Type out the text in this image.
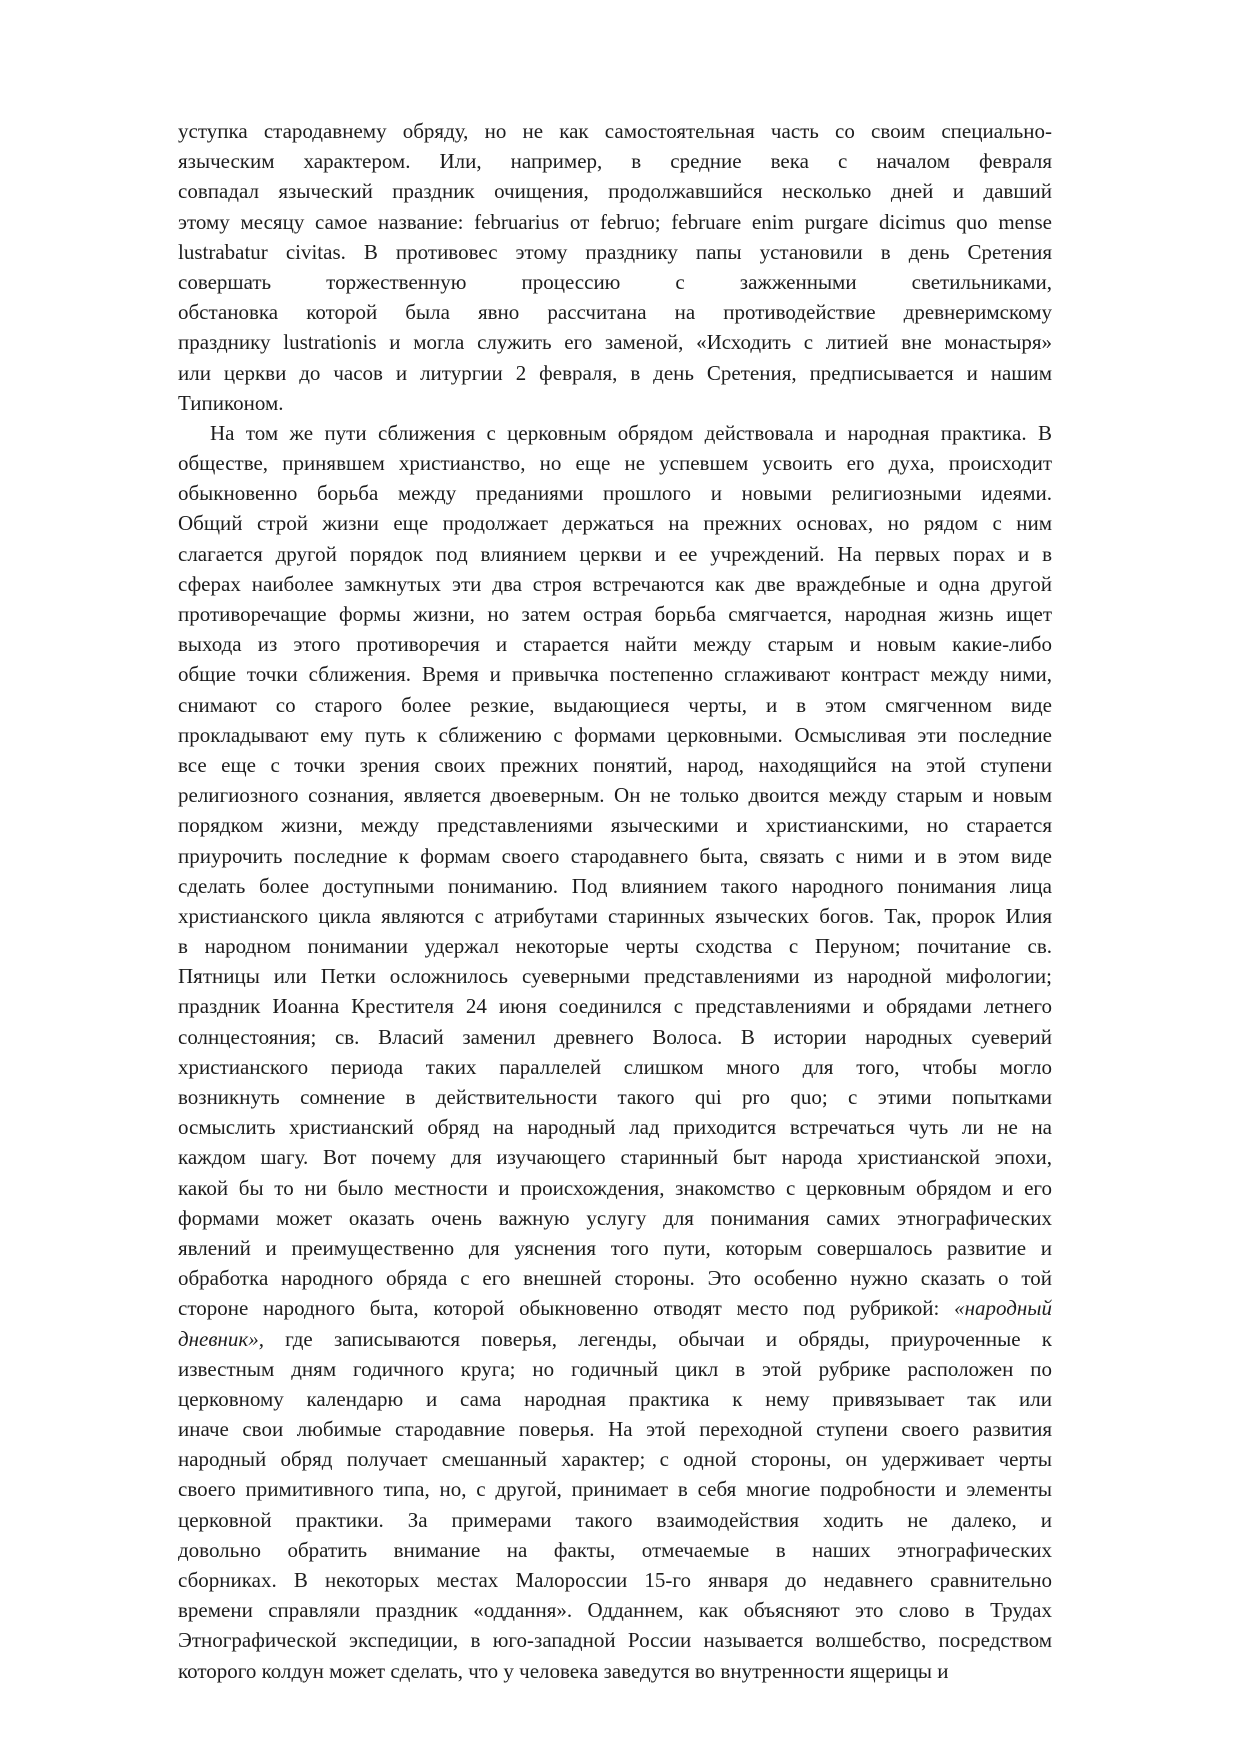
уступка стародавнему обряду, но не как самостоятельная часть со своим специально-
языческим характером. Или, например, в средние века с началом февраля
совпадал языческий праздник очищения, продолжавшийся несколько дней и давший
этому месяцу самое название: februarius от februo; februare enim purgare dicimus quo mense
lustrabatur civitas. В противовес этому празднику папы установили в день Сретения
совершать торжественную процессию с зажженными светильниками,
обстановка которой была явно рассчитана на противодействие древнеримскому
празднику lustrationis и могла служить его заменой, «Исходить с литией вне монастыря»
или церкви до часов и литургии 2 февраля, в день Сретения, предписывается и нашим
Типиконом.
На том же пути сближения с церковным обрядом действовала и народная практика. В
обществе, принявшем христианство, но еще не успевшем усвоить его духа, происходит
обыкновенно борьба между преданиями прошлого и новыми религиозными идеями.
Общий строй жизни еще продолжает держаться на прежних основах, но рядом с ним
слагается другой порядок под влиянием церкви и ее учреждений. На первых порах и в
сферах наиболее замкнутых эти два строя встречаются как две враждебные и одна другой
противоречащие формы жизни, но затем острая борьба смягчается, народная жизнь ищет
выхода из этого противоречия и старается найти между старым и новым какие-либо
общие точки сближения. Время и привычка постепенно сглаживают контраст между ними,
снимают со старого более резкие, выдающиеся черты, и в этом смягченном виде
прокладывают ему путь к сближению с формами церковными. Осмысливая эти последние
все еще с точки зрения своих прежних понятий, народ, находящийся на этой ступени
религиозного сознания, является двоеверным. Он не только двоится между старым и новым
порядком жизни, между представлениями языческими и христианскими, но старается
приурочить последние к формам своего стародавнего быта, связать с ними и в этом виде
сделать более доступными пониманию. Под влиянием такого народного понимания лица
христианского цикла являются с атрибутами старинных языческих богов. Так, пророк Илия
в народном понимании удержал некоторые черты сходства с Перуном; почитание св.
Пятницы или Петки осложнилось суеверными представлениями из народной мифологии;
праздник Иоанна Крестителя 24 июня соединился с представлениями и обрядами летнего
солнцестояния; св. Власий заменил древнего Волоса. В истории народных суеверий
христианского периода таких параллелей слишком много для того, чтобы могло
возникнуть сомнение в действительности такого qui pro quo; с этими попытками
осмыслить христианский обряд на народный лад приходится встречаться чуть ли не на
каждом шагу. Вот почему для изучающего старинный быт народа христианской эпохи,
какой бы то ни было местности и происхождения, знакомство с церковным обрядом и его
формами может оказать очень важную услугу для понимания самих этнографических
явлений и преимущественно для уяснения того пути, которым совершалось развитие и
обработка народного обряда с его внешней стороны. Это особенно нужно сказать о той
стороне народного быта, которой обыкновенно отводят место под рубрикой: «народный
дневник», где записываются поверья, легенды, обычаи и обряды, приуроченные к
известным дням годичного круга; но годичный цикл в этой рубрике расположен по
церковному календарю и сама народная практика к нему привязывает так или
иначе свои любимые стародавние поверья. На этой переходной ступени своего развития
народный обряд получает смешанный характер; с одной стороны, он удерживает черты
своего примитивного типа, но, с другой, принимает в себя многие подробности и элементы
церковной практики. За примерами такого взаимодействия ходить не далеко, и
довольно обратить внимание на факты, отмечаемые в наших этнографических
сборниках. В некоторых местах Малороссии 15-го января до недавнего сравнительно
времени справляли праздник «оддання». Одданнем, как объясняют это слово в Трудах
Этнографической экспедиции, в юго-западной России называется волшебство, посредством
которого колдун может сделать, что у человека заведутся во внутренности ящерицы и
